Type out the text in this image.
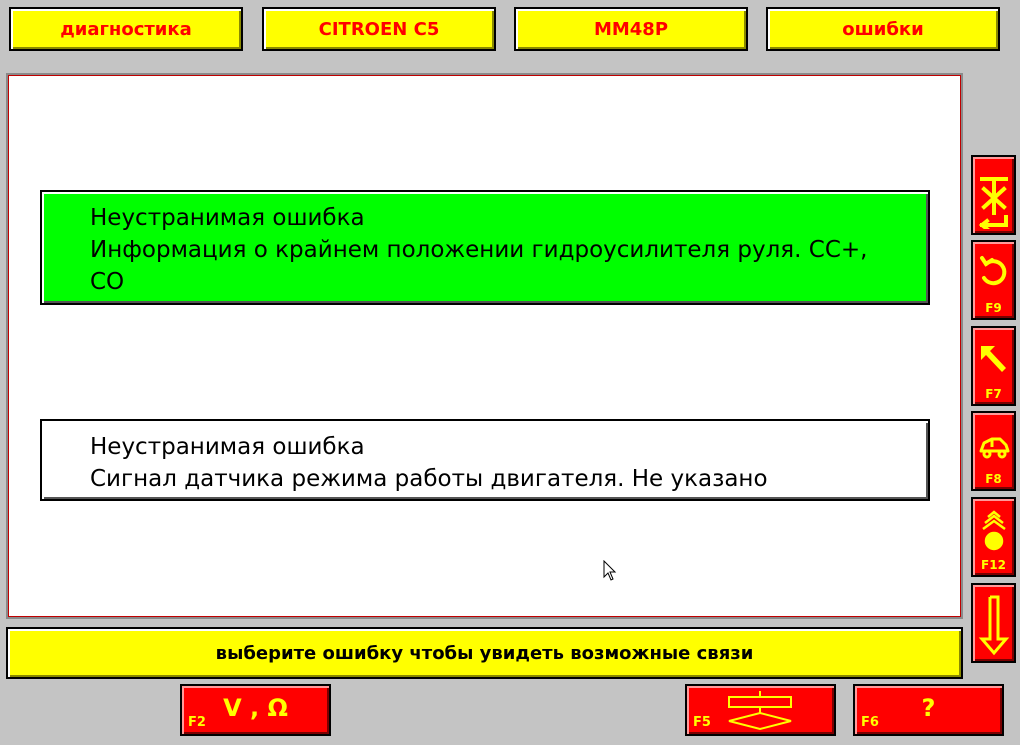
диагностика	CITROEN C5	MM48P	ошибки
Неустранимая ошибка
Информация о крайнем положении гидроусилителя руля. CC+,
CO
Неустранимая ошибка
Сигнал датчика режима работы двигателя. Не указано
выберите ошибку чтобы увидеть возможные связи
F9
F7
F8
F12
V , Ω
F2	F5
?
F6
